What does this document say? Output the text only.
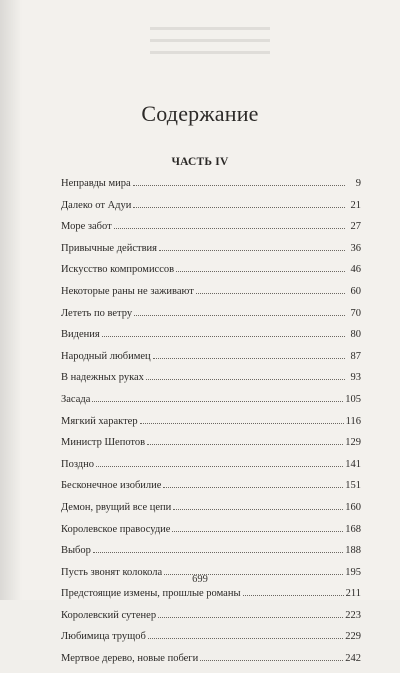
Содержание
ЧАСТЬ IV
Неправды мира	9
Далеко от Адуи	21
Море забот	27
Привычные действия	36
Искусство компромиссов	46
Некоторые раны не заживают	60
Лететь по ветру	70
Видения	80
Народный любимец	87
В надежных руках	93
Засада	105
Мягкий характер	116
Министр Шепотов	129
Поздно	141
Бесконечное изобилие	151
Демон, рвущий все цепи	160
Королевское правосудие	168
Выбор	188
Пусть звонят колокола	195
Предстоящие измены, прошлые романы	211
Королевский сутенер	223
Любимица трущоб	229
Мертвое дерево, новые побеги	242
699
